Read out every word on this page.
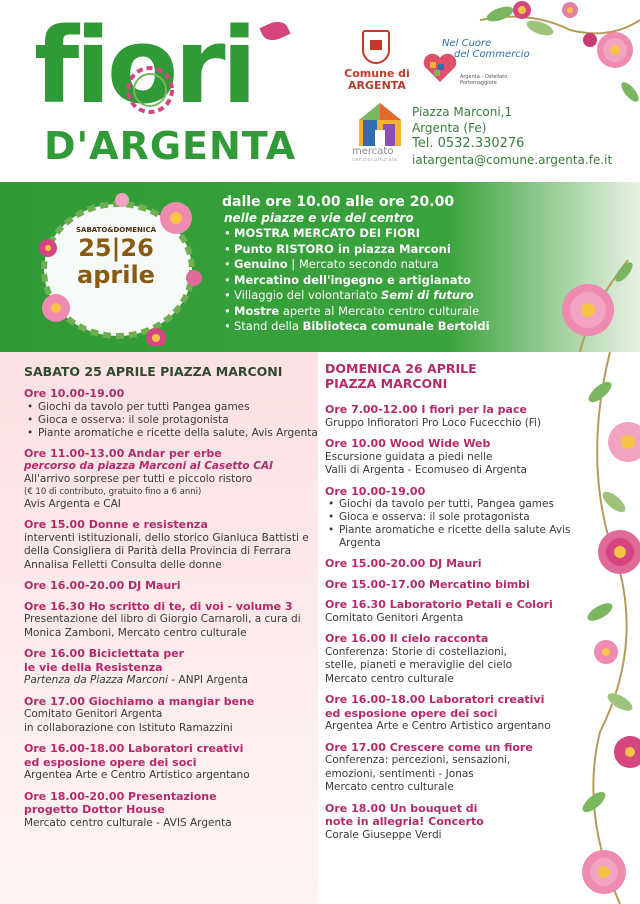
fiori
D'ARGENTA
Comune di
ARGENTA
Nel Cuore
del Commercio
Argenta - Ostellato
Portomaggiore
mercato
centroculturale
Piazza Marconi,1
Argenta (Fe)
Tel. 0532.330276
iatargenta@comune.argenta.fe.it
SABATO&DOMENICA
25|26
aprile
dalle ore 10.00 alle ore 20.00
nelle piazze e vie del centro
• MOSTRA MERCATO DEI FIORI
• Punto RISTORO in piazza Marconi
• Genuino | Mercato secondo natura
• Mercatino dell'ingegno e artigianato
• Villaggio del volontariato Semi di futuro
• Mostre aperte al Mercato centro culturale
• Stand della Biblioteca comunale Bertoldi
SABATO 25 APRILE PIAZZA MARCONI
Ore 10.00-19.00
• Giochi da tavolo per tutti Pangea games
• Gioca e osserva: il sole protagonista
• Piante aromatiche e ricette della salute, Avis Argenta
Ore 11.00-13.00 Andar per erbe
percorso da piazza Marconi al Casetto CAI
All'arrivo sorprese per tutti e piccolo ristoro
(€ 10 di contributo, gratuito fino a 6 anni)
Avis Argenta e CAI
Ore 15.00 Donne e resistenza
interventi istituzionali, dello storico Gianluca Battisti e della Consigliera di Parità della Provincia di Ferrara Annalisa Felletti Consulta delle donne
Ore 16.00-20.00 DJ Mauri
Ore 16.30 Ho scritto di te, di voi - volume 3
Presentazione del libro di Giorgio Carnaroli, a cura di Monica Zamboni, Mercato centro culturale
Ore 16.00 Biciclettata per
le vie della Resistenza
Partenza da Piazza Marconi - ANPI Argenta
Ore 17.00 Giochiamo a mangiar bene
Comitato Genitori Argenta
in collaborazione con Istituto Ramazzini
Ore 16.00-18.00 Laboratori creativi
ed esposione opere dei soci
Argentea Arte e Centro Artistico argentano
Ore 18.00-20.00 Presentazione
progetto Dottor House
Mercato centro culturale - AVIS Argenta
DOMENICA 26 APRILE
PIAZZA MARCONI
Ore 7.00-12.00 I fiori per la pace
Gruppo Infioratori Pro Loco Fucecchio (Fi)
Ore 10.00 Wood Wide Web
Escursione guidata a piedi nelle
Valli di Argenta - Ecomuseo di Argenta
Ore 10.00-19.00
• Giochi da tavolo per tutti, Pangea games
• Gioca e osserva: il sole protagonista
• Piante aromatiche e ricette della salute Avis Argenta
Ore 15.00-20.00 DJ Mauri
Ore 15.00-17.00 Mercatino bimbi
Ore 16.30 Laboratorio Petali e Colori
Comitato Genitori Argenta
Ore 16.00 Il cielo racconta
Conferenza: Storie di costellazioni,
stelle, pianeti e meraviglie del cielo
Mercato centro culturale
Ore 16.00-18.00 Laboratori creativi
ed esposione opere dei soci
Argentea Arte e Centro Artistico argentano
Ore 17.00 Crescere come un fiore
Conferenza: percezioni, sensazioni,
emozioni, sentimenti - Jonas
Mercato centro culturale
Ore 18.00 Un bouquet di
note in allegria! Concerto
Corale Giuseppe Verdi
